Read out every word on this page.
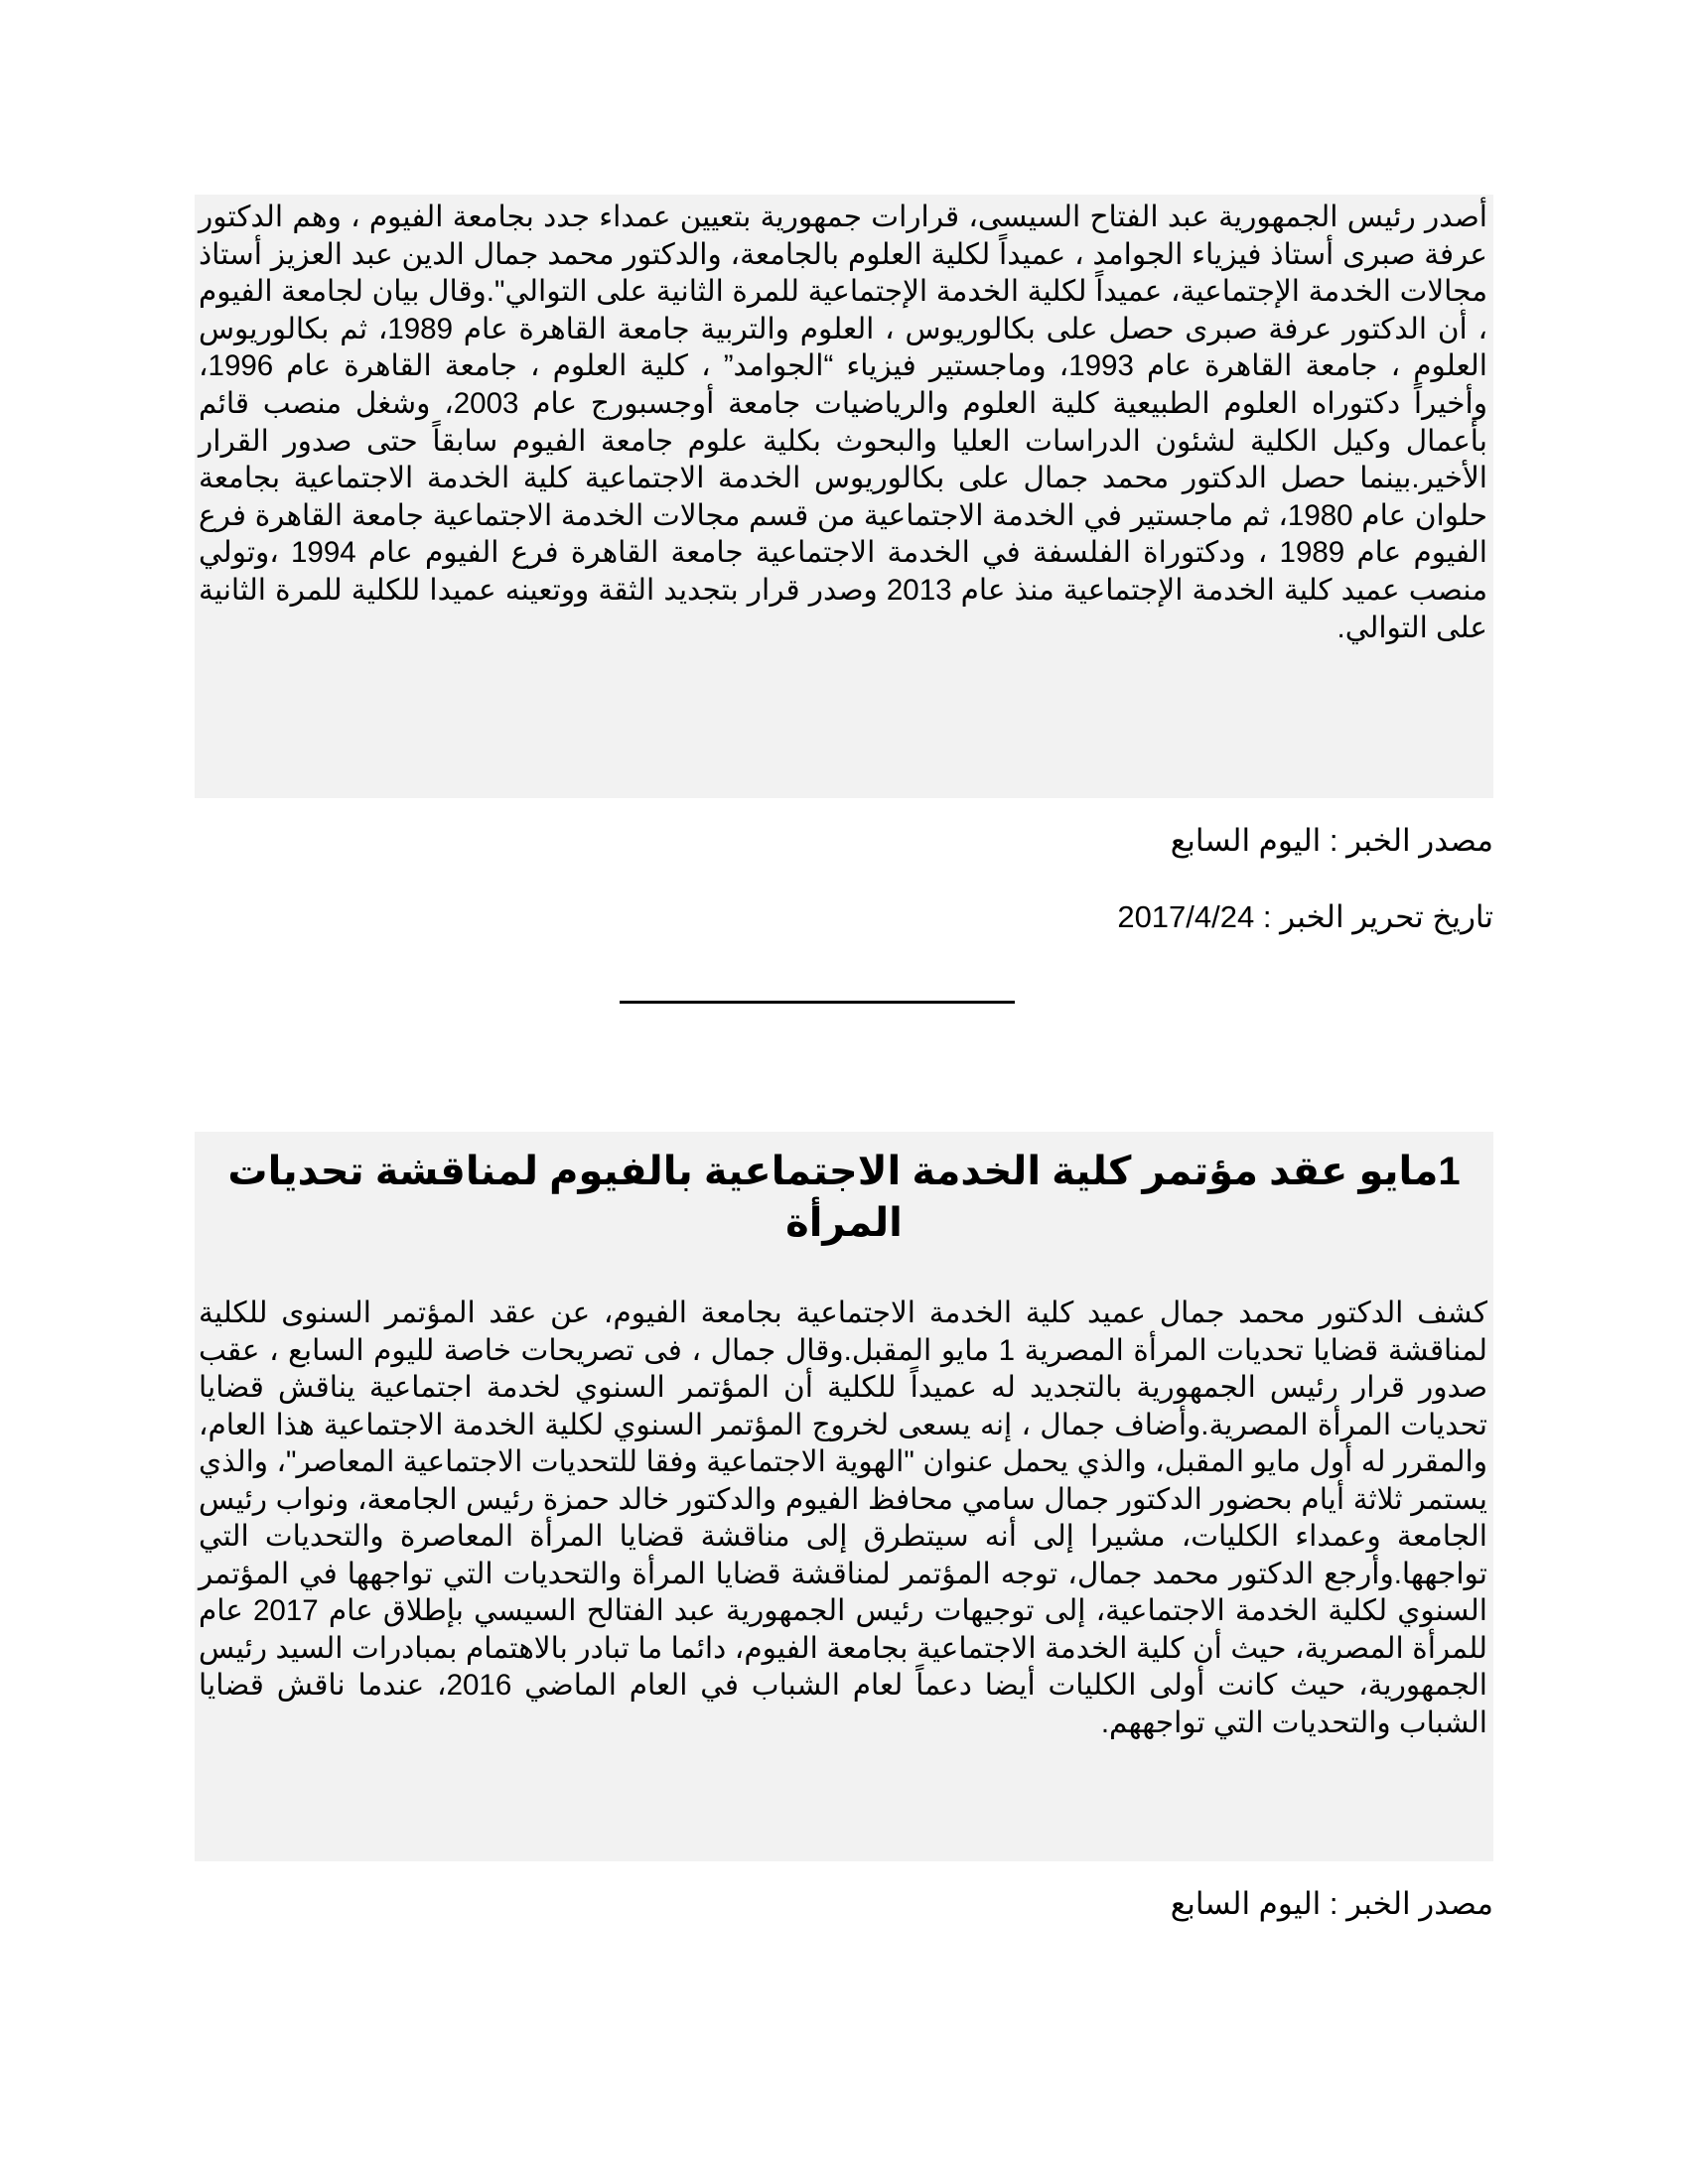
أصدر رئيس الجمهورية عبد الفتاح السيسى، قرارات جمهورية بتعيين عمداء جدد بجامعة الفيوم ، وهم الدكتور عرفة صبرى أستاذ فيزياء الجوامد ، عميداً لكلية العلوم بالجامعة، والدكتور محمد جمال الدين عبد العزيز أستاذ مجالات الخدمة الإجتماعية، عميداً لكلية الخدمة الإجتماعية للمرة الثانية على التوالي".وقال بيان لجامعة الفيوم ، أن الدكتور عرفة صبرى حصل على بكالوريوس ، العلوم والتربية جامعة القاهرة عام 1989، ثم بكالوريوس العلوم ، جامعة القاهرة عام 1993، وماجستير فيزياء “الجوامد” ، كلية العلوم ، جامعة القاهرة عام 1996، وأخيراً دكتوراه العلوم الطبيعية كلية العلوم والرياضيات جامعة أوجسبورج عام 2003، وشغل منصب قائم بأعمال وكيل الكلية لشئون الدراسات العليا والبحوث بكلية علوم جامعة الفيوم سابقاً حتى صدور القرار الأخير.بينما حصل الدكتور محمد جمال على بكالوريوس الخدمة الاجتماعية كلية الخدمة الاجتماعية بجامعة حلوان عام 1980، ثم ماجستير في الخدمة الاجتماعية من قسم مجالات الخدمة الاجتماعية جامعة القاهرة فرع الفيوم عام 1989 ، ودكتوراة الفلسفة في الخدمة الاجتماعية جامعة القاهرة فرع الفيوم عام 1994 ،وتولي منصب عميد كلية الخدمة الإجتماعية منذ عام 2013 وصدر قرار بتجديد الثقة ووتعينه عميدا للكلية للمرة الثانية على التوالي.

مصدر الخبر : اليوم السابع
تاريخ تحرير الخبر : 2017/4/24
1مايو عقد مؤتمر كلية الخدمة الاجتماعية بالفيوم لمناقشة تحديات المرأة

كشف الدكتور محمد جمال عميد كلية الخدمة الاجتماعية بجامعة الفيوم، عن عقد المؤتمر السنوى للكلية لمناقشة قضايا تحديات المرأة المصرية 1 مايو المقبل.وقال جمال ، فى تصريحات خاصة لليوم السابع ، عقب صدور قرار رئيس الجمهورية بالتجديد له عميداً للكلية أن المؤتمر السنوي لخدمة اجتماعية يناقش قضايا تحديات المرأة المصرية.وأضاف جمال ، إنه يسعى لخروج المؤتمر السنوي لكلية الخدمة الاجتماعية هذا العام، والمقرر له أول مايو المقبل، والذي يحمل عنوان "الهوية الاجتماعية وفقا للتحديات الاجتماعية المعاصر"، والذي يستمر ثلاثة أيام بحضور الدكتور جمال سامي محافظ الفيوم والدكتور خالد حمزة رئيس الجامعة، ونواب رئيس الجامعة وعمداء الكليات، مشيرا إلى أنه سيتطرق إلى مناقشة قضايا المرأة المعاصرة والتحديات التي تواجهها.وأرجع الدكتور محمد جمال، توجه المؤتمر لمناقشة قضايا المرأة والتحديات التي تواجهها في المؤتمر السنوي لكلية الخدمة الاجتماعية، إلى توجيهات رئيس الجمهورية عبد الفتالح السيسي بإطلاق عام 2017 عام للمرأة المصرية، حيث أن كلية الخدمة الاجتماعية بجامعة الفيوم، دائما ما تبادر بالاهتمام بمبادرات السيد رئيس الجمهورية، حيث كانت أولى الكليات أيضا دعماً لعام الشباب في العام الماضي 2016، عندما ناقش قضايا الشباب والتحديات التي تواجههم.

مصدر الخبر : اليوم السابع
